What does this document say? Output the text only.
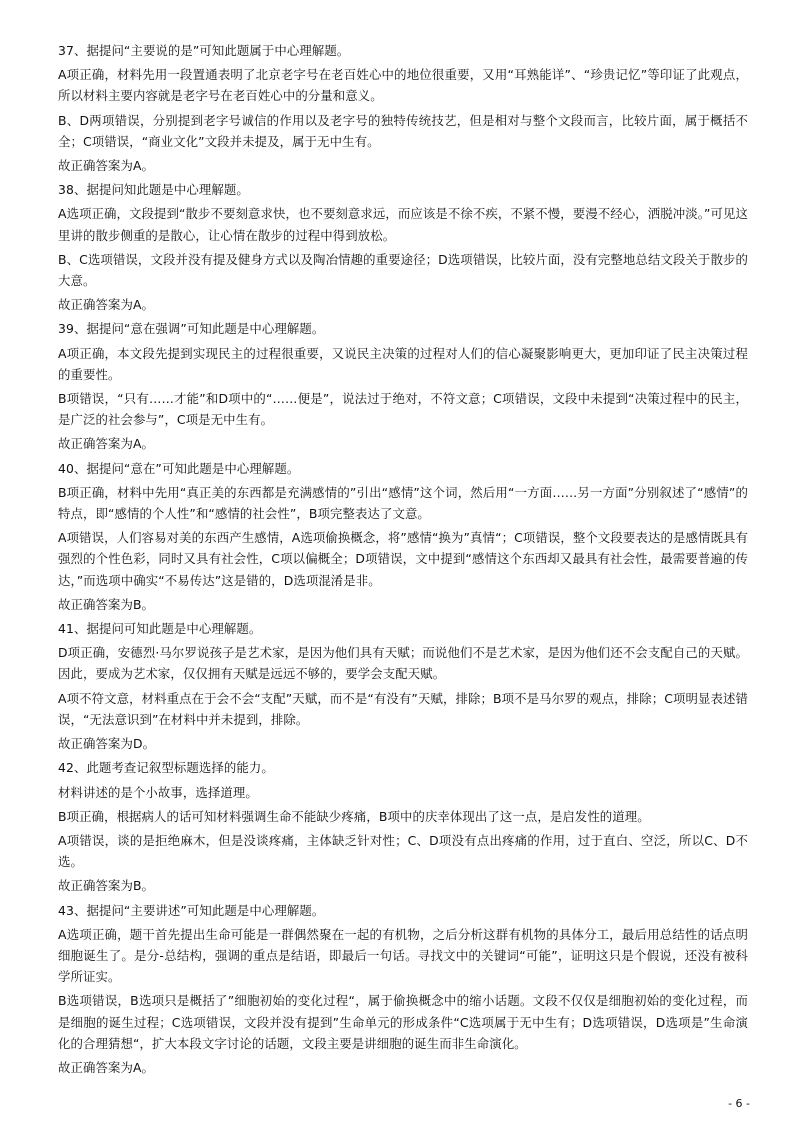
37、据提问“主要说的是”可知此题属于中心理解题。

A项正确，材料先用一段置通表明了北京老字号在老百姓心中的地位很重要，又用“耳熟能详”、“珍贵记忆”等印证了此观点，所以材料主要内容就是老字号在老百姓心中的分量和意义。

B、D两项错误，分别提到老字号诚信的作用以及老字号的独特传统技艺，但是相对与整个文段而言，比较片面，属于概括不全；C项错误，“商业文化”文段并未提及，属于无中生有。

故正确答案为A。

38、据提问知此题是中心理解题。

A选项正确，文段提到“散步不要刻意求快，也不要刻意求远，而应该是不徐不疾，不紧不慢，要漫不经心，洒脱冲淡。”可见这里讲的散步侧重的是散心，让心情在散步的过程中得到放松。

B、C选项错误，文段并没有提及健身方式以及陶冶情趣的重要途径；D选项错误，比较片面，没有完整地总结文段关于散步的大意。

故正确答案为A。

39、据提问“意在强调”可知此题是中心理解题。

A项正确，本文段先提到实现民主的过程很重要，又说民主决策的过程对人们的信心凝聚影响更大，更加印证了民主决策过程的重要性。

B项错误，“只有……才能”和D项中的“……便是”，说法过于绝对，不符文意；C项错误，文段中未提到“决策过程中的民主，是广泛的社会参与”，C项是无中生有。

故正确答案为A。

40、据提问“意在”可知此题是中心理解题。

B项正确，材料中先用“真正美的东西都是充满感情的”引出“感情”这个词，然后用“一方面……另一方面”分别叙述了“感情”的特点，即“感情的个人性”和“感情的社会性”，B项完整表达了文意。

A项错误，人们容易对美的东西产生感情，A选项偷换概念，将”感情“换为”真情“；C项错误，整个文段要表达的是感情既具有强烈的个性色彩，同时又具有社会性，C项以偏概全；D项错误，文中提到“感情这个东西却又最具有社会性，最需要普遍的传达，”而选项中确实“不易传达”这是错的，D选项混淆是非。

故正确答案为B。

41、据提问可知此题是中心理解题。

D项正确，安德烈·马尔罗说孩子是艺术家，是因为他们具有天赋；而说他们不是艺术家，是因为他们还不会支配自己的天赋。因此，要成为艺术家，仅仅拥有天赋是远远不够的，要学会支配天赋。

A项不符文意，材料重点在于会不会“支配”天赋，而不是“有没有”天赋，排除；B项不是马尔罗的观点，排除；C项明显表述错误，“无法意识到”在材料中并未提到，排除。

故正确答案为D。

42、此题考查记叙型标题选择的能力。

材料讲述的是个小故事，选择道理。

B项正确，根据病人的话可知材料强调生命不能缺少疼痛，B项中的庆幸体现出了这一点，是启发性的道理。

A项错误，谈的是拒绝麻木，但是没谈疼痛，主体缺乏针对性；C、D项没有点出疼痛的作用，过于直白、空泛，所以C、D不选。

故正确答案为B。

43、据提问“主要讲述”可知此题是中心理解题。

A选项正确，题干首先提出生命可能是一群偶然聚在一起的有机物，之后分析这群有机物的具体分工，最后用总结性的话点明细胞诞生了。是分-总结构，强调的重点是结语，即最后一句话。寻找文中的关键词“可能”，证明这只是个假说，还没有被科学所证实。

B选项错误，B选项只是概括了”细胞初始的变化过程“，属于偷换概念中的缩小话题。文段不仅仅是细胞初始的变化过程，而是细胞的诞生过程；C选项错误，文段并没有提到”生命单元的形成条件“C选项属于无中生有；D选项错误，D选项是”生命演化的合理猜想“，扩大本段文字讨论的话题，文段主要是讲细胞的诞生而非生命演化。

故正确答案为A。

- 6 -
